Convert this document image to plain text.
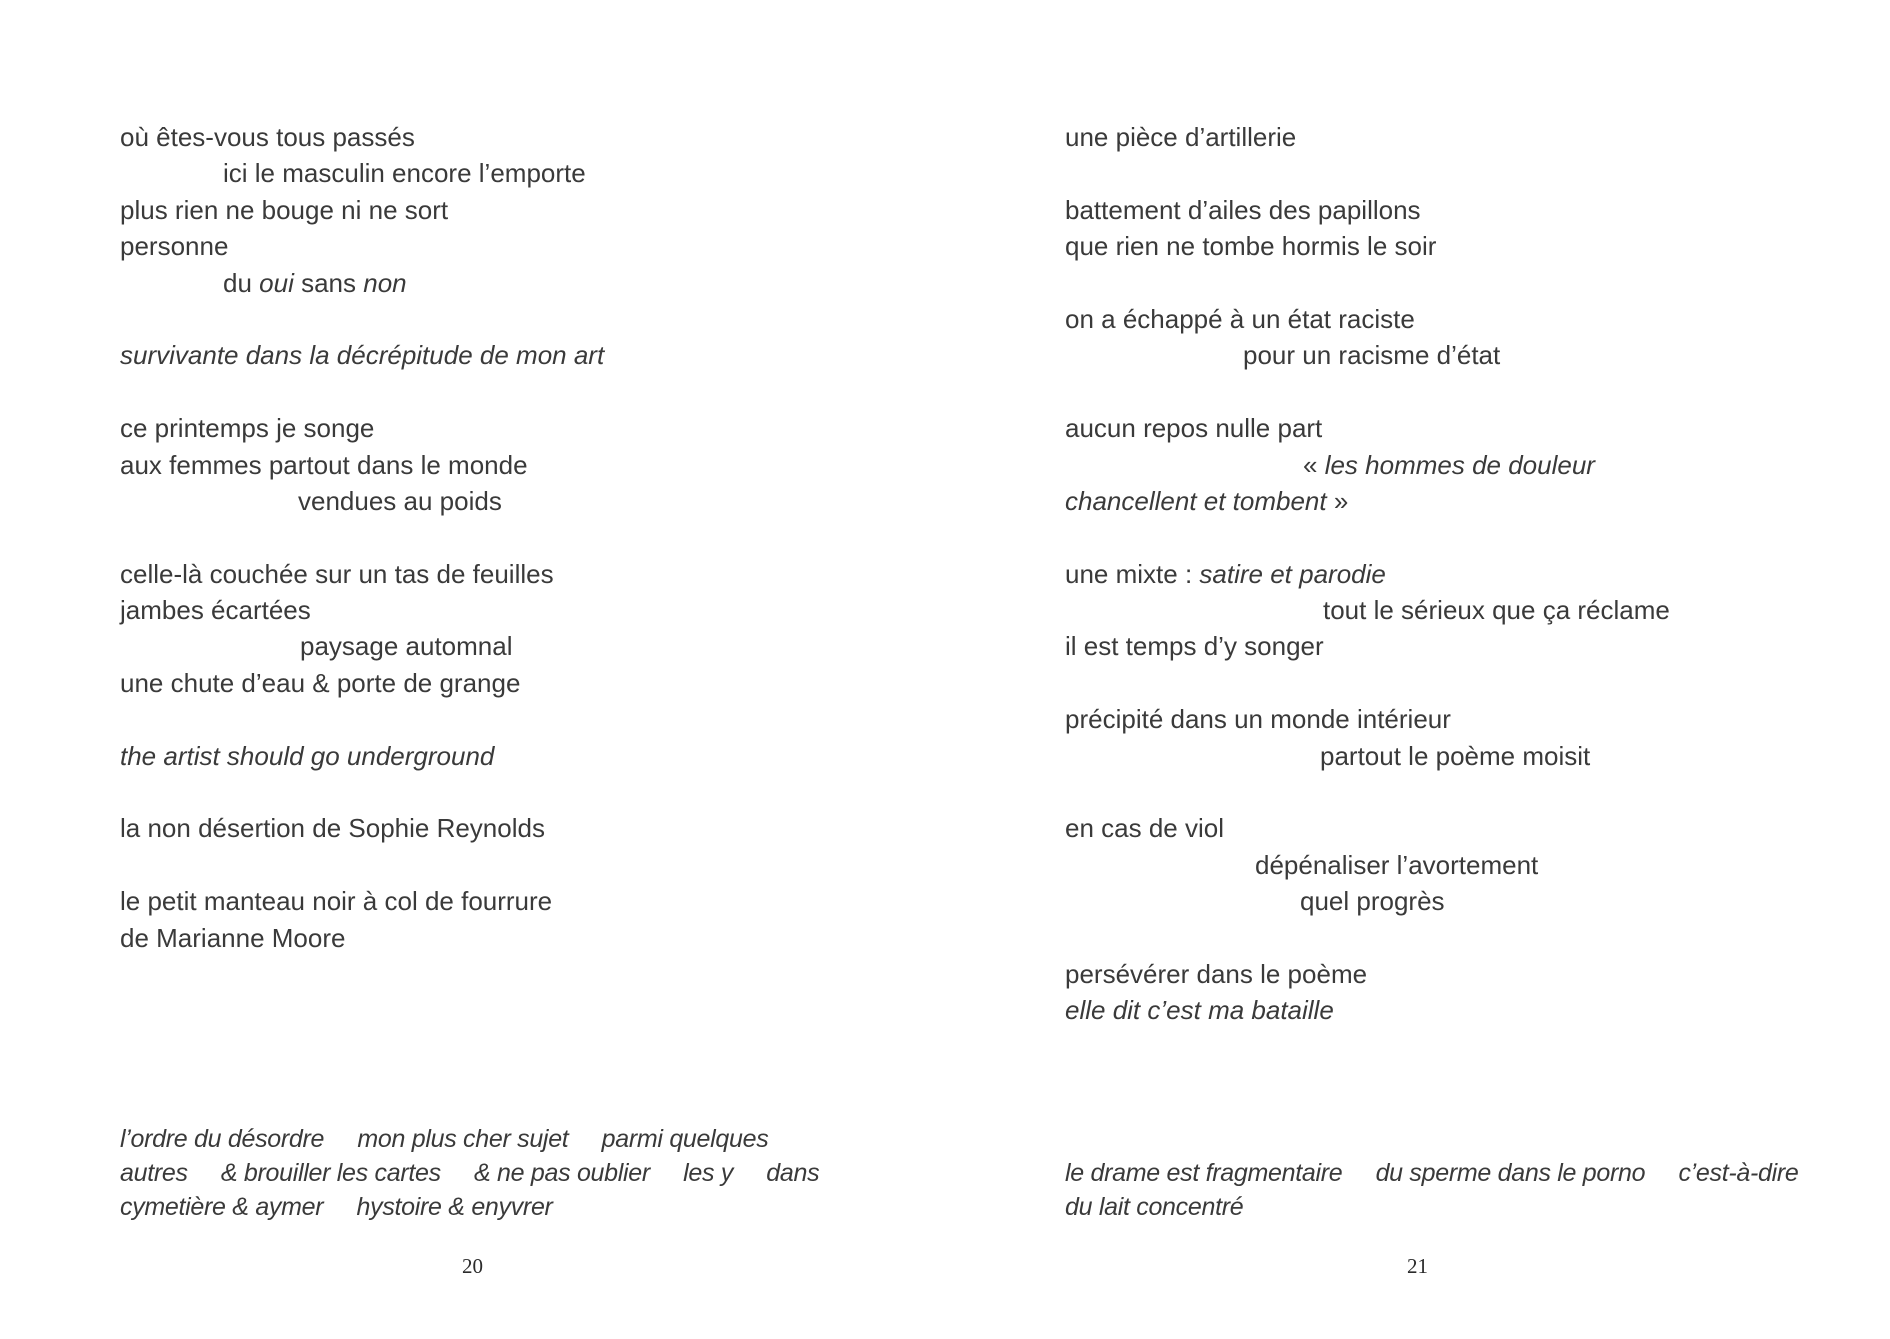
où êtes-vous tous passés
ici le masculin encore l’emporte
plus rien ne bouge ni ne sort
personne
du oui sans non

survivante dans la décrépitude de mon art

ce printemps je songe
aux femmes partout dans le monde
vendues au poids

celle-là couchée sur un tas de feuilles
jambes écartées
paysage automnal
une chute d’eau & porte de grange

the artist should go underground

la non désertion de Sophie Reynolds

le petit manteau noir à col de fourrure
de Marianne Moore
une pièce d’artillerie

battement d’ailes des papillons
que rien ne tombe hormis le soir

on a échappé à un état raciste
pour un racisme d’état

aucun repos nulle part
« les hommes de douleur
chancellent et tombent »

une mixte : satire et parodie
tout le sérieux que ça réclame
il est temps d’y songer

précipité dans un monde intérieur
partout le poème moisit

en cas de viol
dépénaliser l’avortement
quel progrès

persévérer dans le poème
elle dit c’est ma bataille
l’ordre du désordre     mon plus cher sujet     parmi quelques
autres     & brouiller les cartes     & ne pas oublier     les y     dans
cymetière & aymer     hystoire & enyvrer
le drame est fragmentaire     du sperme dans le porno     c’est-à-dire
du lait concentré
20	21
